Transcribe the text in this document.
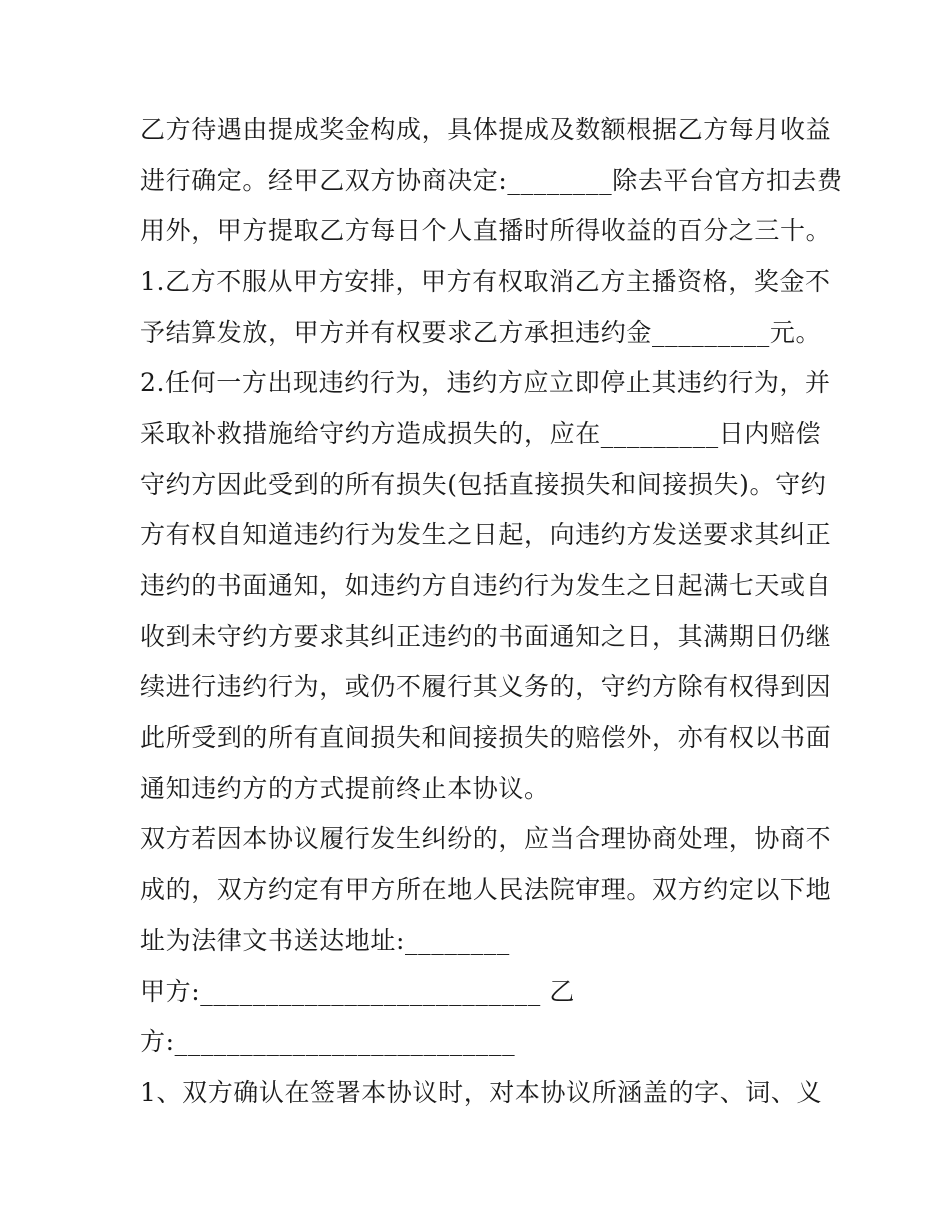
乙方待遇由提成奖金构成，具体提成及数额根据乙方每月收益
进行确定。经甲乙双方协商决定:________除去平台官方扣去费
用外，甲方提取乙方每日个人直播时所得收益的百分之三十。
1.乙方不服从甲方安排，甲方有权取消乙方主播资格，奖金不
予结算发放，甲方并有权要求乙方承担违约金_________元。
2.任何一方出现违约行为，违约方应立即停止其违约行为，并
采取补救措施给守约方造成损失的，应在_________日内赔偿
守约方因此受到的所有损失(包括直接损失和间接损失)。守约
方有权自知道违约行为发生之日起，向违约方发送要求其纠正
违约的书面通知，如违约方自违约行为发生之日起满七天或自
收到未守约方要求其纠正违约的书面通知之日，其满期日仍继
续进行违约行为，或仍不履行其义务的，守约方除有权得到因
此所受到的所有直间损失和间接损失的赔偿外，亦有权以书面
通知违约方的方式提前终止本协议。
双方若因本协议履行发生纠纷的，应当合理协商处理，协商不
成的，双方约定有甲方所在地人民法院审理。双方约定以下地
址为法律文书送达地址:________
甲方:__________________________ 乙
方:__________________________
1、双方确认在签署本协议时，对本协议所涵盖的字、词、义
